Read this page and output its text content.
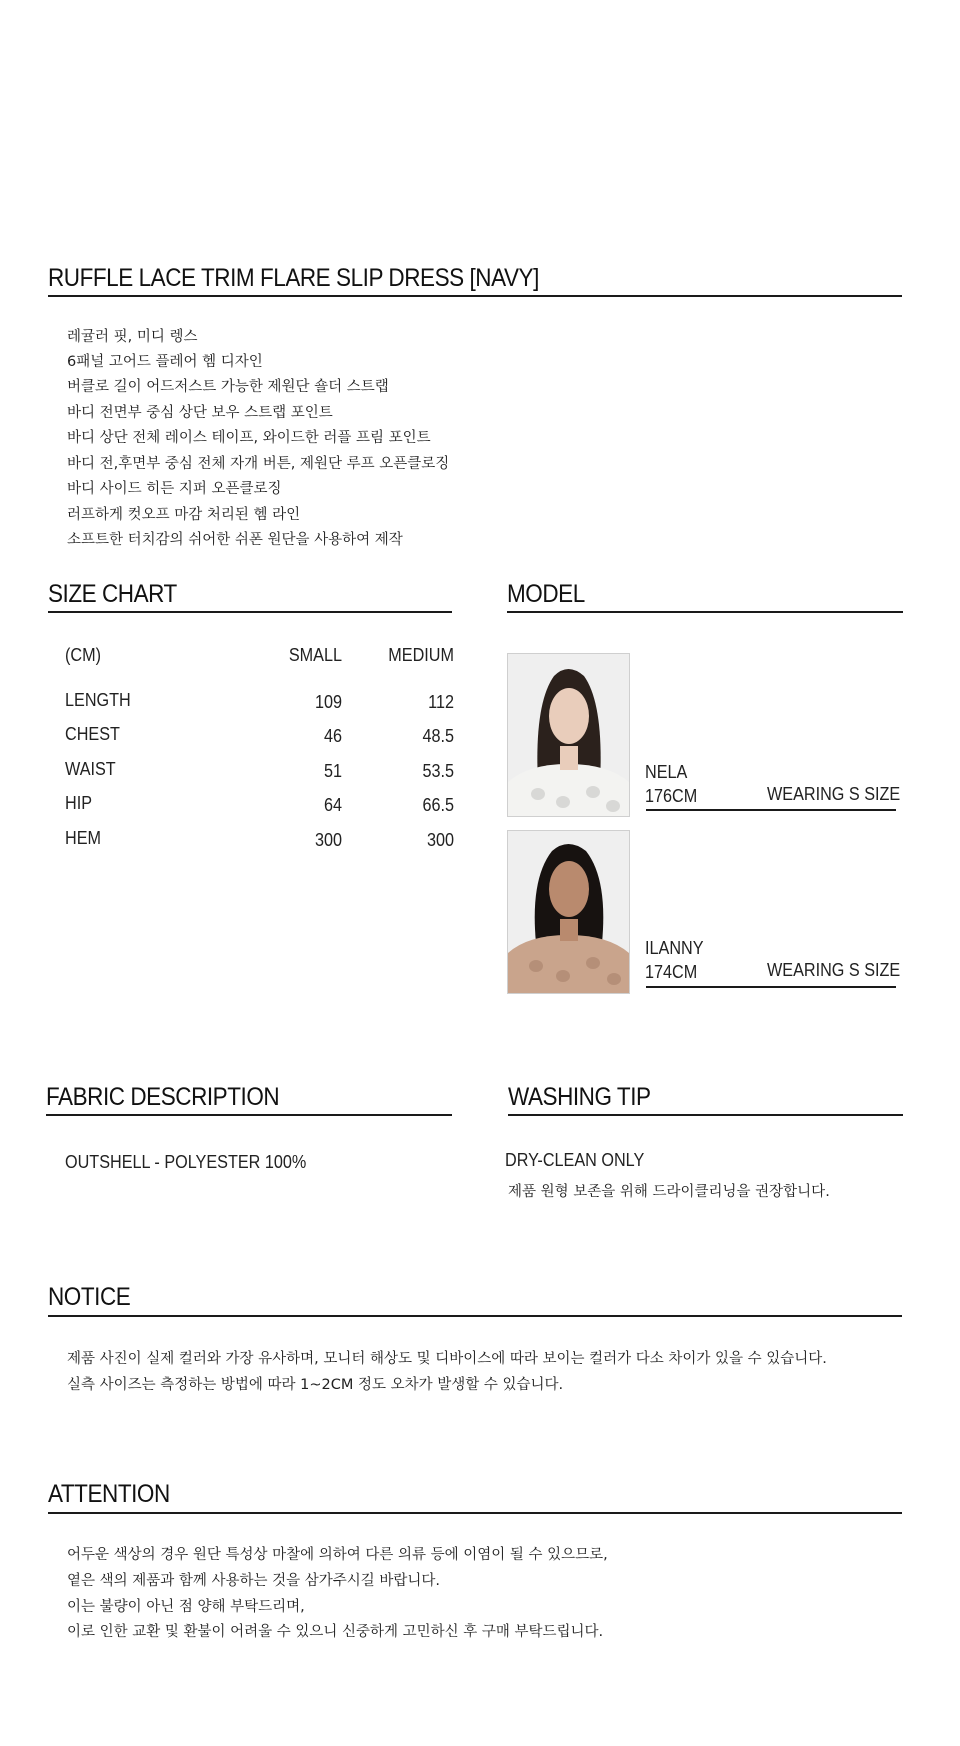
RUFFLE LACE TRIM FLARE SLIP DRESS [NAVY]
레귤러 핏, 미디 렝스
6패널 고어드 플레어 헴 디자인
버클로 길이 어드저스트 가능한 제원단 숄더 스트랩
바디 전면부 중심 상단 보우 스트랩 포인트
바디 상단 전체 레이스 테이프, 와이드한 러플 프림 포인트
바디 전,후면부 중심 전체 자개 버튼, 제원단 루프 오픈클로징
바디 사이드 히든 지퍼 오픈클로징
러프하게 컷오프 마감 처리된 헴 라인
소프트한 터치감의 쉬어한 쉬폰 원단을 사용하여 제작
SIZE CHART
(CM)	SMALL	MEDIUM
LENGTH	109	112
CHEST	46	48.5
WAIST	51	53.5
HIP	64	66.5
HEM	300	300
MODEL
NELA
176CM	WEARING S SIZE
ILANNY
174CM	WEARING S SIZE
FABRIC DESCRIPTION
OUTSHELL - POLYESTER 100%
WASHING TIP
DRY-CLEAN ONLY
제품 원형 보존을 위해 드라이클리닝을 권장합니다.
NOTICE
제품 사진이 실제 컬러와 가장 유사하며, 모니터 해상도 및 디바이스에 따라 보이는 컬러가 다소 차이가 있을 수 있습니다.
실측 사이즈는 측정하는 방법에 따라 1~2CM 정도 오차가 발생할 수 있습니다.
ATTENTION
어두운 색상의 경우 원단 특성상 마찰에 의하여 다른 의류 등에 이염이 될 수 있으므로,
옅은 색의 제품과 함께 사용하는 것을 삼가주시길 바랍니다.
이는 불량이 아닌 점 양해 부탁드리며,
이로 인한 교환 및 환불이 어려울 수 있으니 신중하게 고민하신 후 구매 부탁드립니다.
